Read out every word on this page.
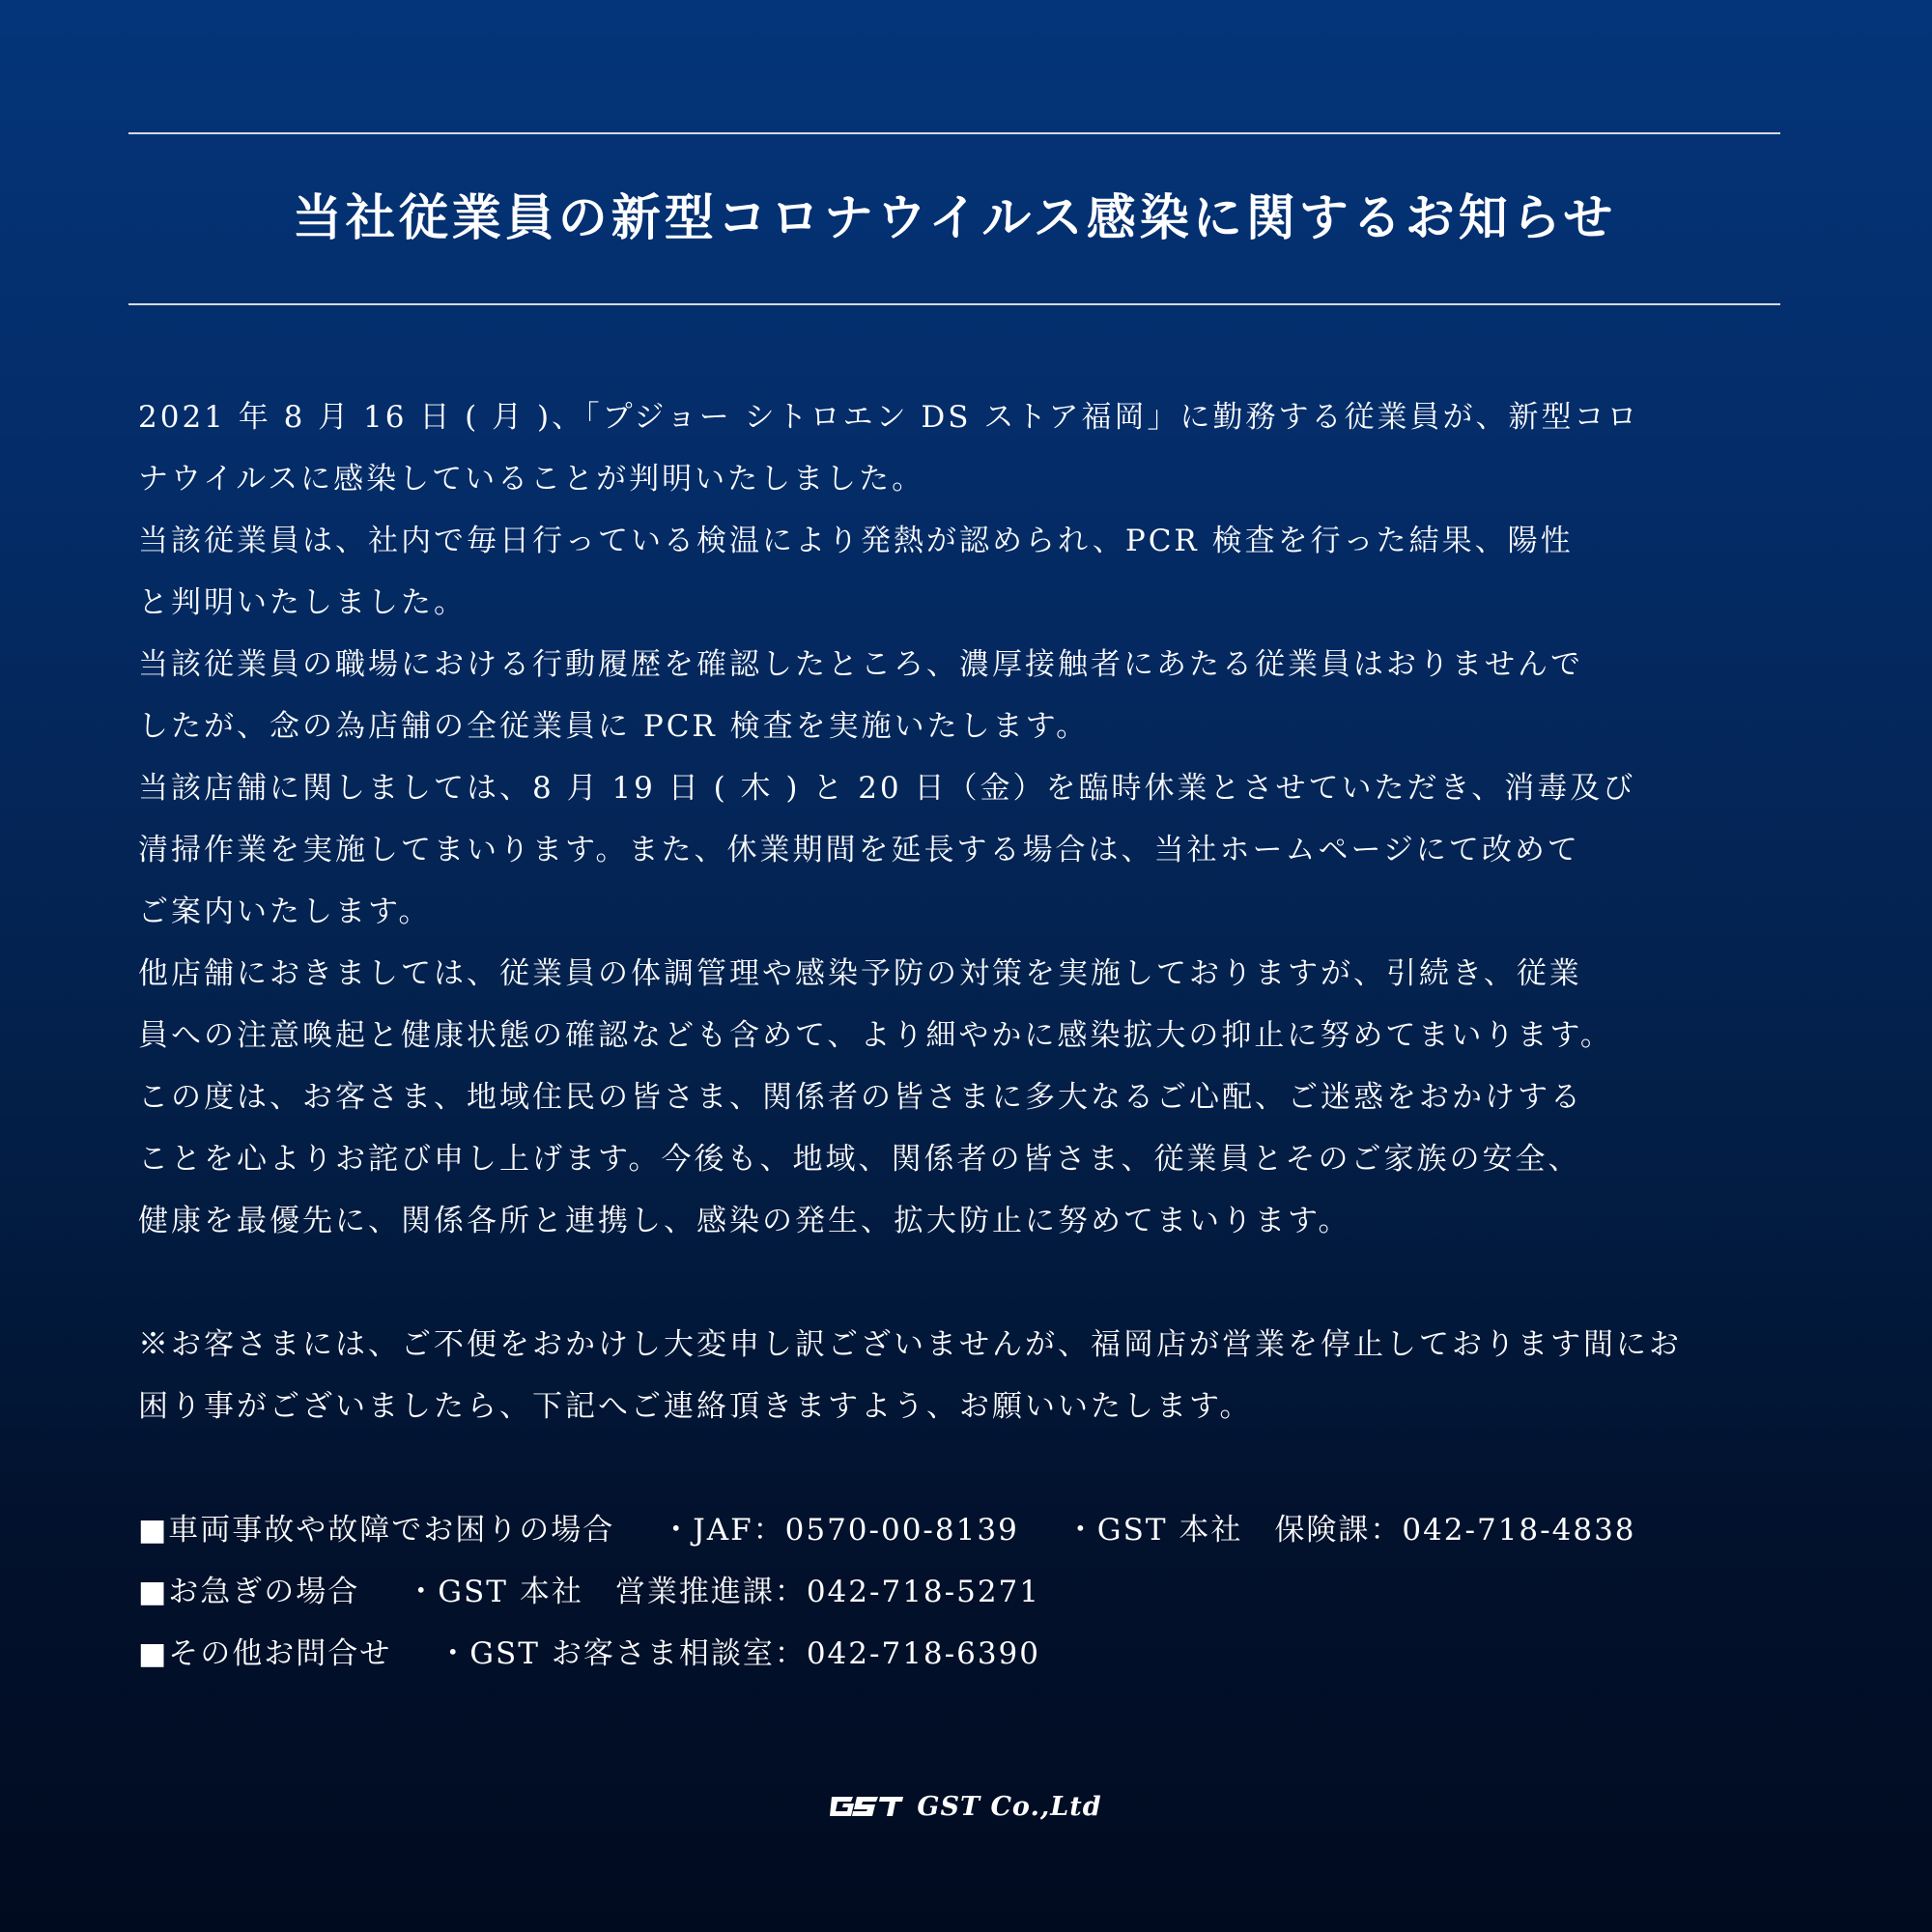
当社従業員の新型コロナウイルス感染に関するお知らせ
2021 年 8 月 16 日 ( 月 )、「プジョー シトロエン DS ストア福岡」に勤務する従業員が、新型コロ
ナウイルスに感染していることが判明いたしました。
当該従業員は、社内で毎日行っている検温により発熱が認められ、PCR 検査を行った結果、陽性
と判明いたしました。
当該従業員の職場における行動履歴を確認したところ、濃厚接触者にあたる従業員はおりませんで
したが、念の為店舗の全従業員に PCR 検査を実施いたします。
当該店舗に関しましては、8 月 19 日 ( 木 ) と 20 日（金）を臨時休業とさせていただき、消毒及び
清掃作業を実施してまいります。また、休業期間を延長する場合は、当社ホームページにて改めて
ご案内いたします。
他店舗におきましては、従業員の体調管理や感染予防の対策を実施しておりますが、引続き、従業
員への注意喚起と健康状態の確認なども含めて、より細やかに感染拡大の抑止に努めてまいります。
この度は、お客さま、地域住民の皆さま、関係者の皆さまに多大なるご心配、ご迷惑をおかけする
ことを心よりお詫び申し上げます。今後も、地域、関係者の皆さま、従業員とそのご家族の安全、
健康を最優先に、関係各所と連携し、感染の発生、拡大防止に努めてまいります。
※お客さまには、ご不便をおかけし大変申し訳ございませんが、福岡店が営業を停止しております間にお
困り事がございましたら、下記へご連絡頂きますよう、お願いいたします。
■車両事故や故障でお困りの場合 ・JAF：0570-00-8139 ・GST 本社　保険課：042-718-4838
■お急ぎの場合 ・GST 本社　営業推進課：042-718-5271
■その他お問合せ ・GST お客さま相談室：042-718-6390
GST Co.,Ltd
